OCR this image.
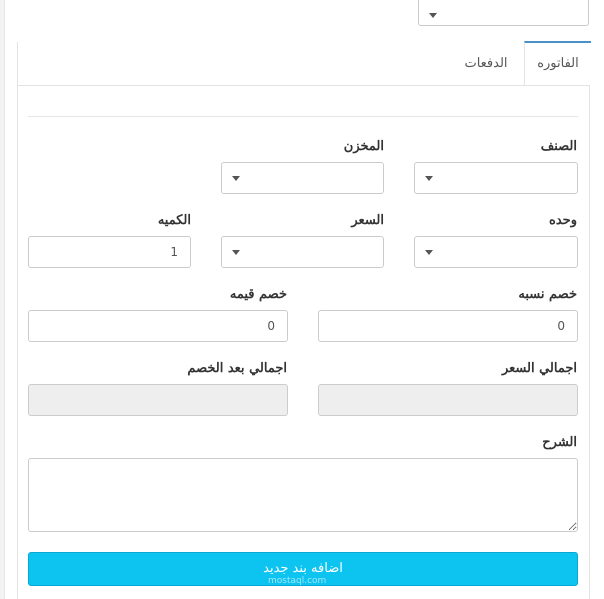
الفاتوره
الدفعات
الصنف
المخزن
وحده
السعر
الكميه
1
خصم نسبه
0
خصم قيمه
0
اجمالي السعر
اجمالي بعد الخصم
الشرح
اضافه بند جديد
mostaql.com
